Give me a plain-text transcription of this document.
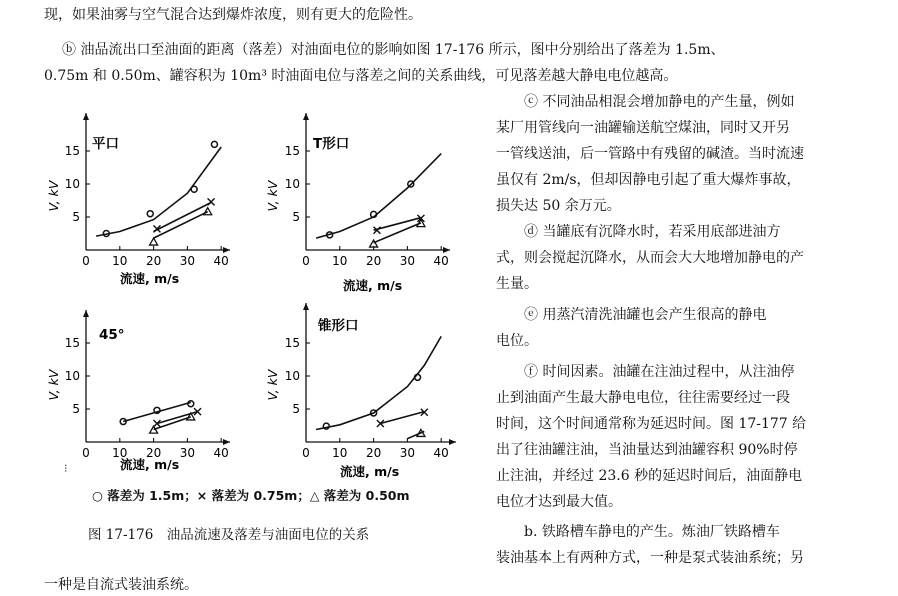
现，如果油雾与空气混合达到爆炸浓度，则有更大的危险性。

ⓑ 油品流出口至油面的距离（落差）对油面电位的影响如图 17-176 所示，图中分别给出了落差为 1.5m、

0.75m 和 0.50m、罐容积为 10m³ 时油面电位与落差之间的关系曲线，可见落差越大静电电位越高。

　　ⓒ 不同油品相混会增加静电的产生量，例如

某厂用管线向一油罐输送航空煤油，同时又开另

一管线送油，后一管路中有残留的碱渣。当时流速

虽仅有 2m/s，但却因静电引起了重大爆炸事故，

损失达 50 余万元。

　　ⓓ 当罐底有沉降水时，若采用底部进油方

式，则会搅起沉降水，从而会大大地增加静电的产

生量。

　　ⓔ 用蒸汽清洗油罐也会产生很高的静电

电位。

　　ⓕ 时间因素。油罐在注油过程中，从注油停

止到油面产生最大静电电位，往往需要经过一段

时间，这个时间通常称为延迟时间。图 17-177 给

出了往油罐注油，当油量达到油罐容积 90%时停

止注油，并经过 23.6 秒的延迟时间后，油面静电

电位才达到最大值。

　　b. 铁路槽车静电的产生。炼油厂铁路槽车

装油基本上有两种方式，一种是泵式装油系统；另

0 10 20 30 40
5
10
15
V, kV
流速, m/s
平口
0 10 20 30 40
5
10
15
V, kV
流速, m/s
T形口
0 10 20 30 40
5
10
15
V, kV
流速, m/s
45°
0 10 20 30 40
5
10
15
V, kV
流速, m/s
锥形口
⁝
○ 落差为 1.5m；× 落差为 0.75m；△ 落差为 0.50m
图 17-176　油品流速及落差与油面电位的关系

一种是自流式装油系统。
